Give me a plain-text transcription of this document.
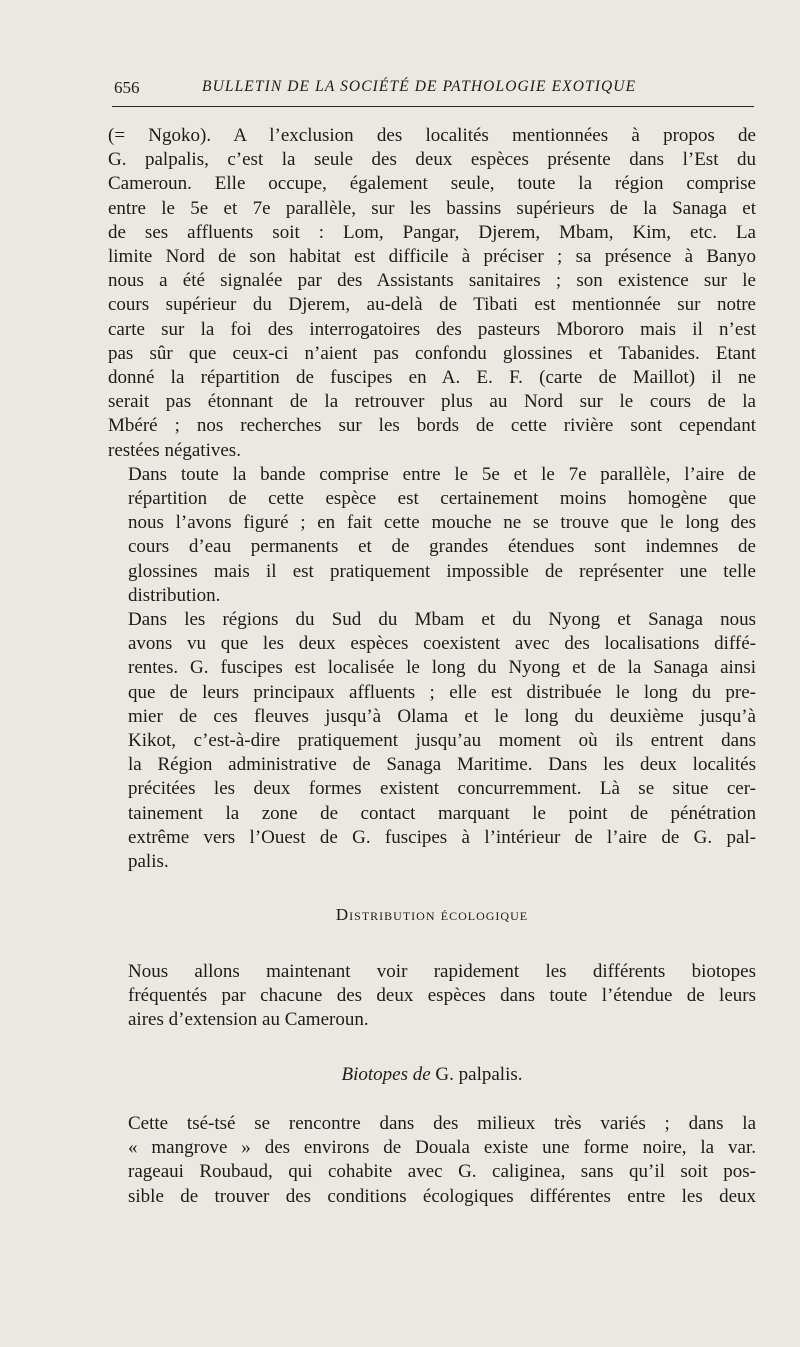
656	BULLETIN DE LA SOCIÉTÉ DE PATHOLOGIE EXOTIQUE

(= Ngoko). A l’exclusion des localités mentionnées à propos de
G. palpalis, c’est la seule des deux espèces présente dans l’Est du
Cameroun. Elle occupe, également seule, toute la région comprise
entre le 5e et 7e parallèle, sur les bassins supérieurs de la Sanaga et
de ses affluents soit : Lom, Pangar, Djerem, Mbam, Kim, etc. La
limite Nord de son habitat est difficile à préciser ; sa présence à Banyo
nous a été signalée par des Assistants sanitaires ; son existence sur le
cours supérieur du Djerem, au-delà de Tibati est mentionnée sur notre
carte sur la foi des interrogatoires des pasteurs Mbororo mais il n’est
pas sûr que ceux-ci n’aient pas confondu glossines et Tabanides. Etant
donné la répartition de fuscipes en A. E. F. (carte de Maillot) il ne
serait pas étonnant de la retrouver plus au Nord sur le cours de la
Mbéré ; nos recherches sur les bords de cette rivière sont cependant
restées négatives.

Dans toute la bande comprise entre le 5e et le 7e parallèle, l’aire de
répartition de cette espèce est certainement moins homogène que
nous l’avons figuré ; en fait cette mouche ne se trouve que le long des
cours d’eau permanents et de grandes étendues sont indemnes de
glossines mais il est pratiquement impossible de représenter une telle
distribution.

Dans les régions du Sud du Mbam et du Nyong et Sanaga nous
avons vu que les deux espèces coexistent avec des localisations diffé-
rentes. G. fuscipes est localisée le long du Nyong et de la Sanaga ainsi
que de leurs principaux affluents ; elle est distribuée le long du pre-
mier de ces fleuves jusqu’à Olama et le long du deuxième jusqu’à
Kikot, c’est-à-dire pratiquement jusqu’au moment où ils entrent dans
la Région administrative de Sanaga Maritime. Dans les deux localités
précitées les deux formes existent concurremment. Là se situe cer-
tainement la zone de contact marquant le point de pénétration
extrême vers l’Ouest de G. fuscipes à l’intérieur de l’aire de G. pal-
palis.

Distribution écologique

Nous allons maintenant voir rapidement les différents biotopes
fréquentés par chacune des deux espèces dans toute l’étendue de leurs
aires d’extension au Cameroun.

Biotopes de G. palpalis.

Cette tsé-tsé se rencontre dans des milieux très variés ; dans la
« mangrove » des environs de Douala existe une forme noire, la var.
rageaui Roubaud, qui cohabite avec G. caliginea, sans qu’il soit pos-
sible de trouver des conditions écologiques différentes entre les deux
